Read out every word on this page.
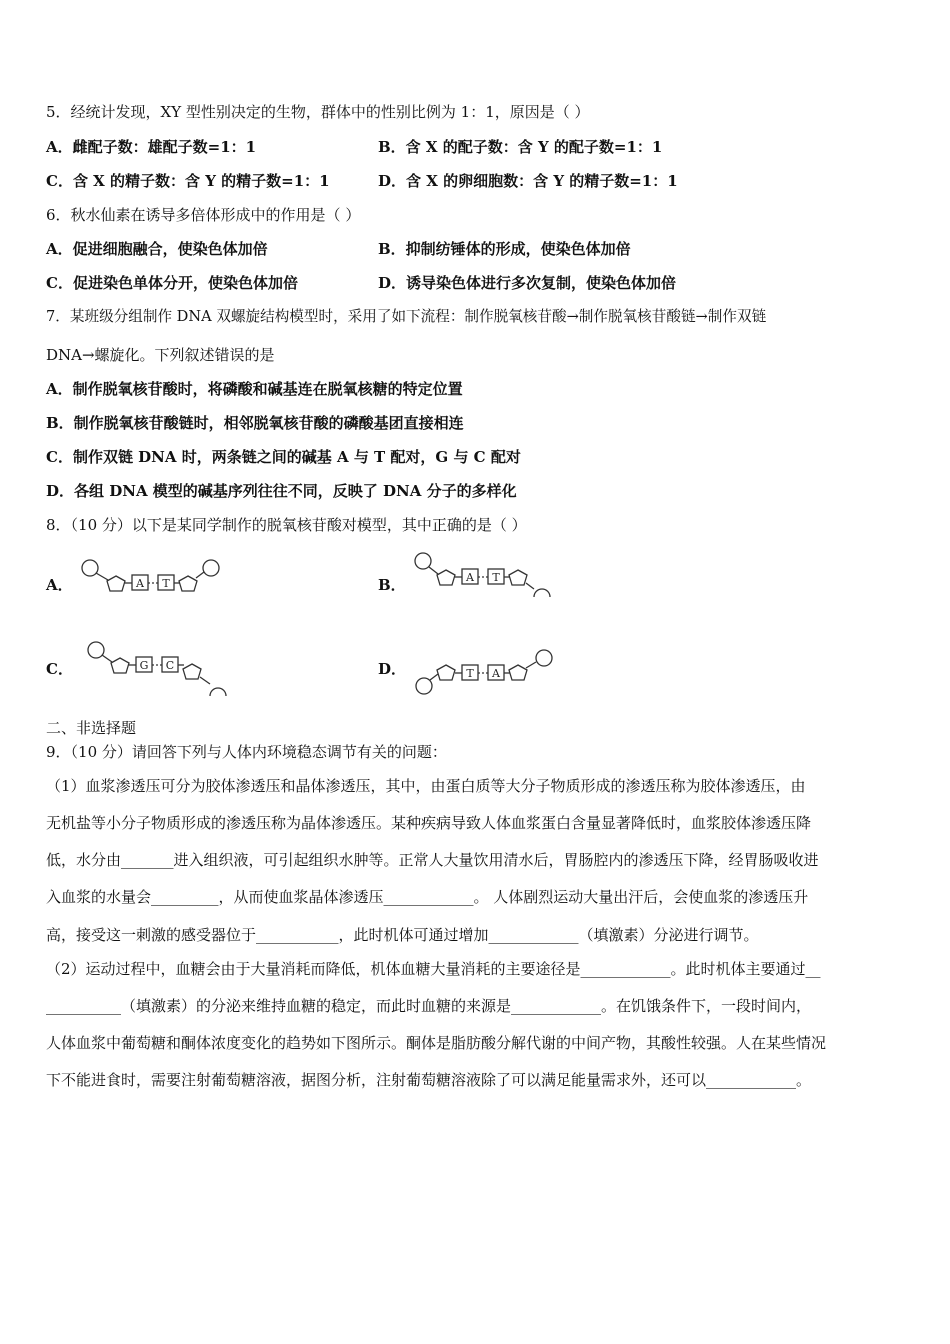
5．经统计发现，XY 型性别决定的生物，群体中的性别比例为 1：1，原因是（ ）
A．雌配子数：雄配子数=1：1	B．含 X 的配子数：含 Y 的配子数=1：1
C．含 X 的精子数：含 Y 的精子数=1：1	D．含 X 的卵细胞数：含 Y 的精子数=1：1
6．秋水仙素在诱导多倍体形成中的作用是（ ）
A．促进细胞融合，使染色体加倍	B．抑制纺锤体的形成，使染色体加倍
C．促进染色单体分开，使染色体加倍	D．诱导染色体进行多次复制，使染色体加倍
7．某班级分组制作 DNA 双螺旋结构模型时，采用了如下流程：制作脱氧核苷酸→制作脱氧核苷酸链→制作双链
DNA→螺旋化。下列叙述错误的是
A．制作脱氧核苷酸时，将磷酸和碱基连在脱氧核糖的特定位置
B．制作脱氧核苷酸链时，相邻脱氧核苷酸的磷酸基团直接相连
C．制作双链 DNA 时，两条链之间的碱基 A 与 T 配对，G 与 C 配对
D．各组 DNA 模型的碱基序列往往不同，反映了 DNA 分子的多样化
8．（10 分）以下是某同学制作的脱氧核苷酸对模型，其中正确的是（ ）
A．	A T	B．	A T
C．	G C	D．	T A
二、非选择题
9．（10 分）请回答下列与人体内环境稳态调节有关的问题：
（1）血浆渗透压可分为胶体渗透压和晶体渗透压，其中，由蛋白质等大分子物质形成的渗透压称为胶体渗透压，由
无机盐等小分子物质形成的渗透压称为晶体渗透压。某种疾病导致人体血浆蛋白含量显著降低时，血浆胶体渗透压降
低，水分由_______进入组织液，可引起组织水肿等。正常人大量饮用清水后，胃肠腔内的渗透压下降，经胃肠吸收进
入血浆的水量会_________，从而使血浆晶体渗透压____________。 人体剧烈运动大量出汗后，会使血浆的渗透压升
高，接受这一刺激的感受器位于___________，此时机体可通过增加____________（填激素）分泌进行调节。
（2）运动过程中，血糖会由于大量消耗而降低，机体血糖大量消耗的主要途径是____________。此时机体主要通过__
__________（填激素）的分泌来维持血糖的稳定，而此时血糖的来源是____________。在饥饿条件下，一段时间内，
人体血浆中葡萄糖和酮体浓度变化的趋势如下图所示。酮体是脂肪酸分解代谢的中间产物，其酸性较强。人在某些情况
下不能进食时，需要注射葡萄糖溶液，据图分析，注射葡萄糖溶液除了可以满足能量需求外，还可以____________。
